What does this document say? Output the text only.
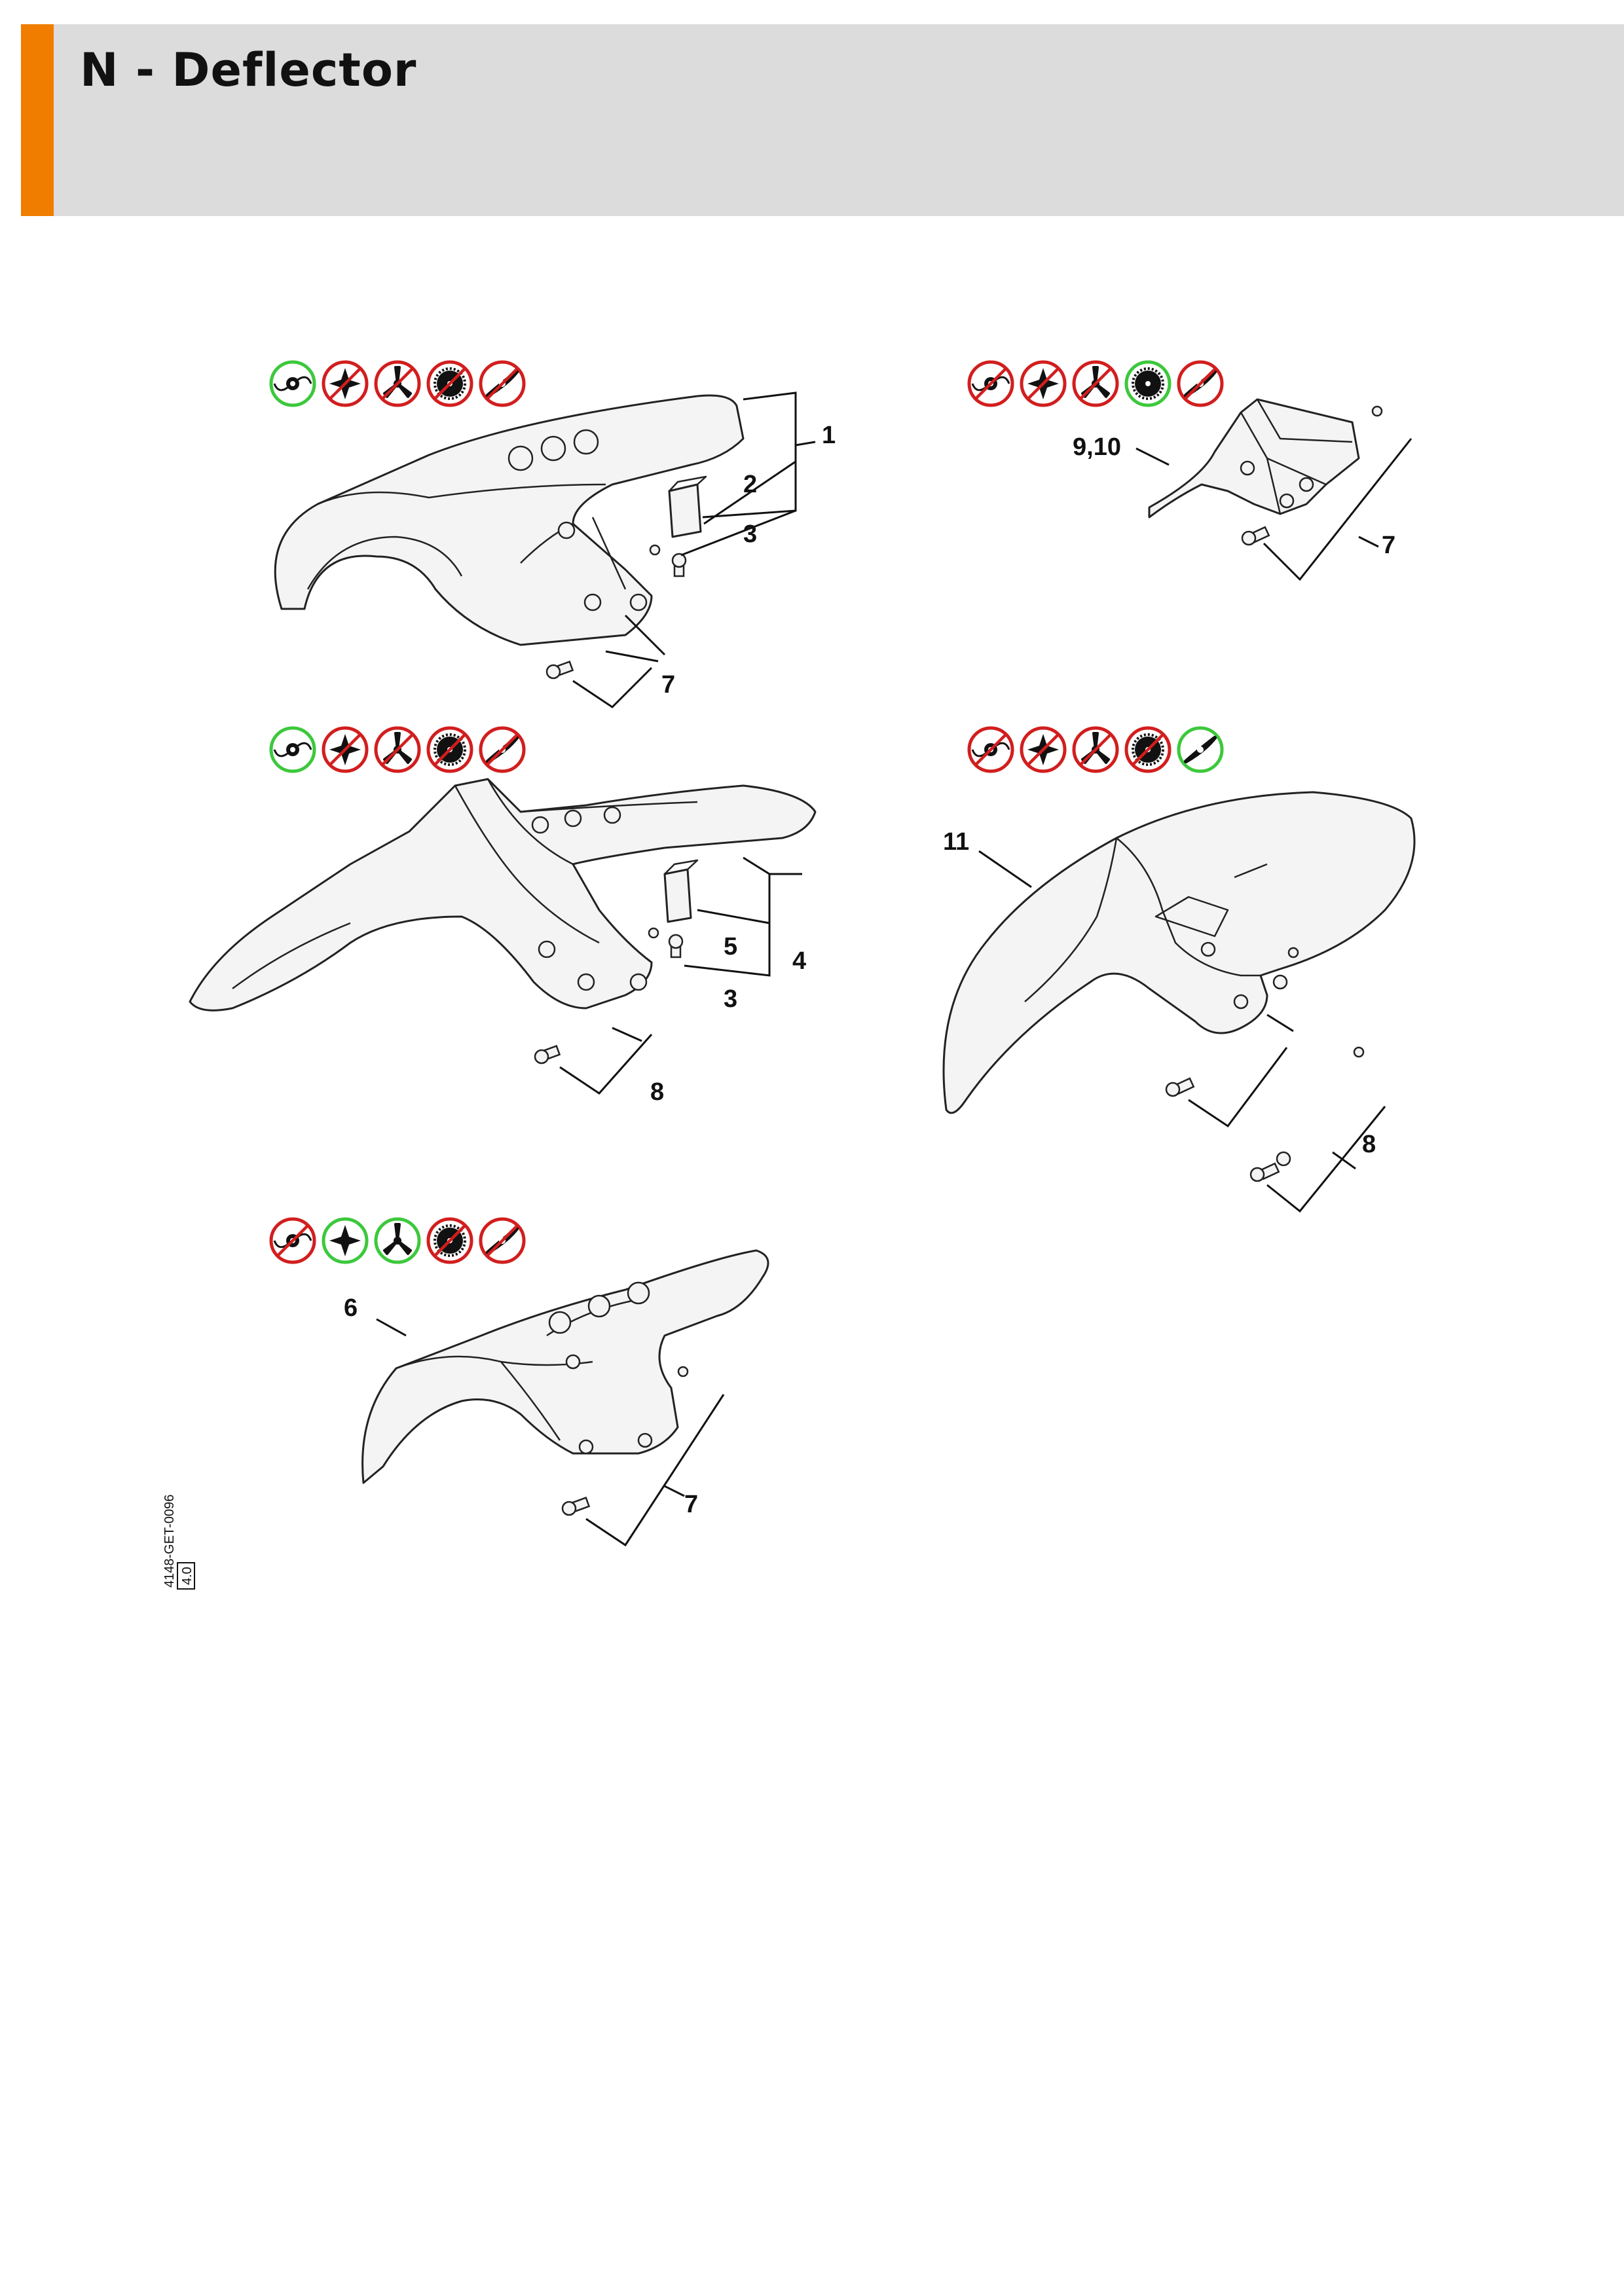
N - Deflector
1
2
3
7
9,10
7
5
4
3
8
11
8
6
7
4148-GET-0096 4.0
